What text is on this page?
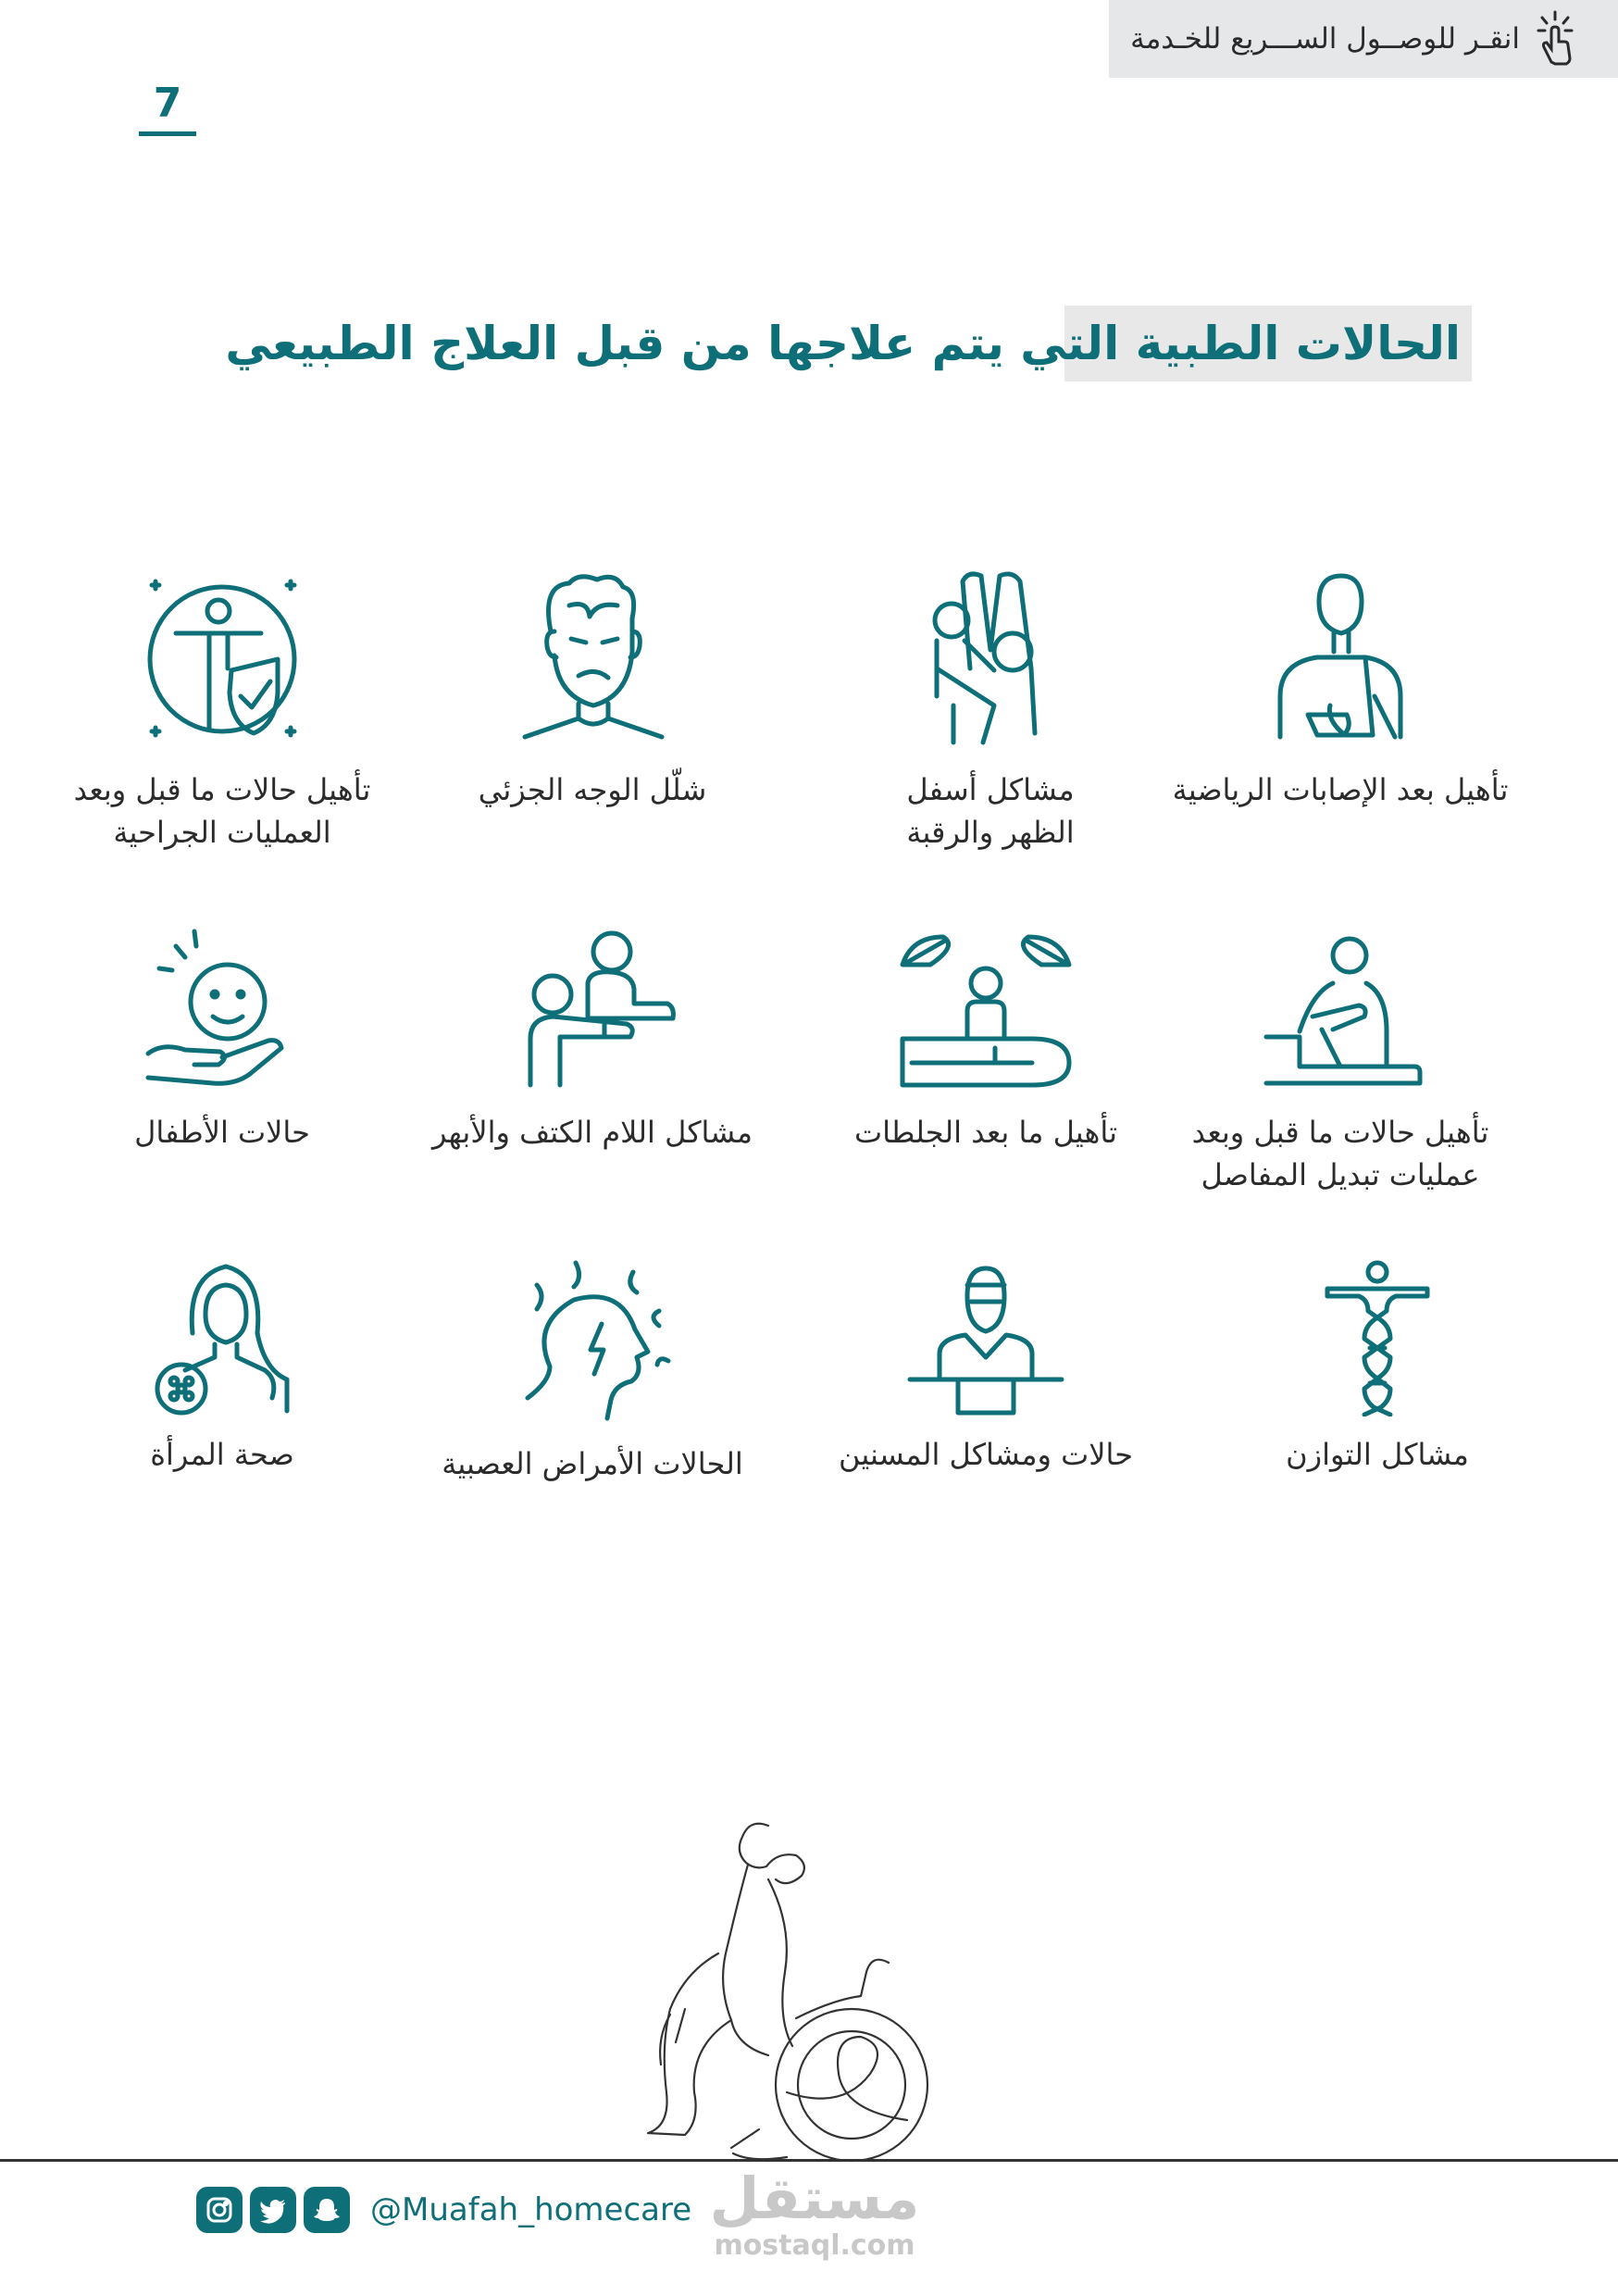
انقـر للوصــول الســـريع للخـدمة
7
الحالات الطبية التي يتم علاجها من قبل العلاج الطبيعي
تأهيل بعد الإصابات الرياضية
مشاكل أسفل
الظهر والرقبة
شلّل الوجه الجزئي
تأهيل حالات ما قبل وبعد
العمليات الجراحية
تأهيل حالات ما قبل وبعد
عمليات تبديل المفاصل
تأهيل ما بعد الجلطات
مشاكل اللام الكتف والأبهر
حالات الأطفال
مشاكل التوازن
حالات ومشاكل المسنين
الحالات الأمراض العصبية
صحة المرأة
@Muafah_homecare مستقل
mostaql.com
